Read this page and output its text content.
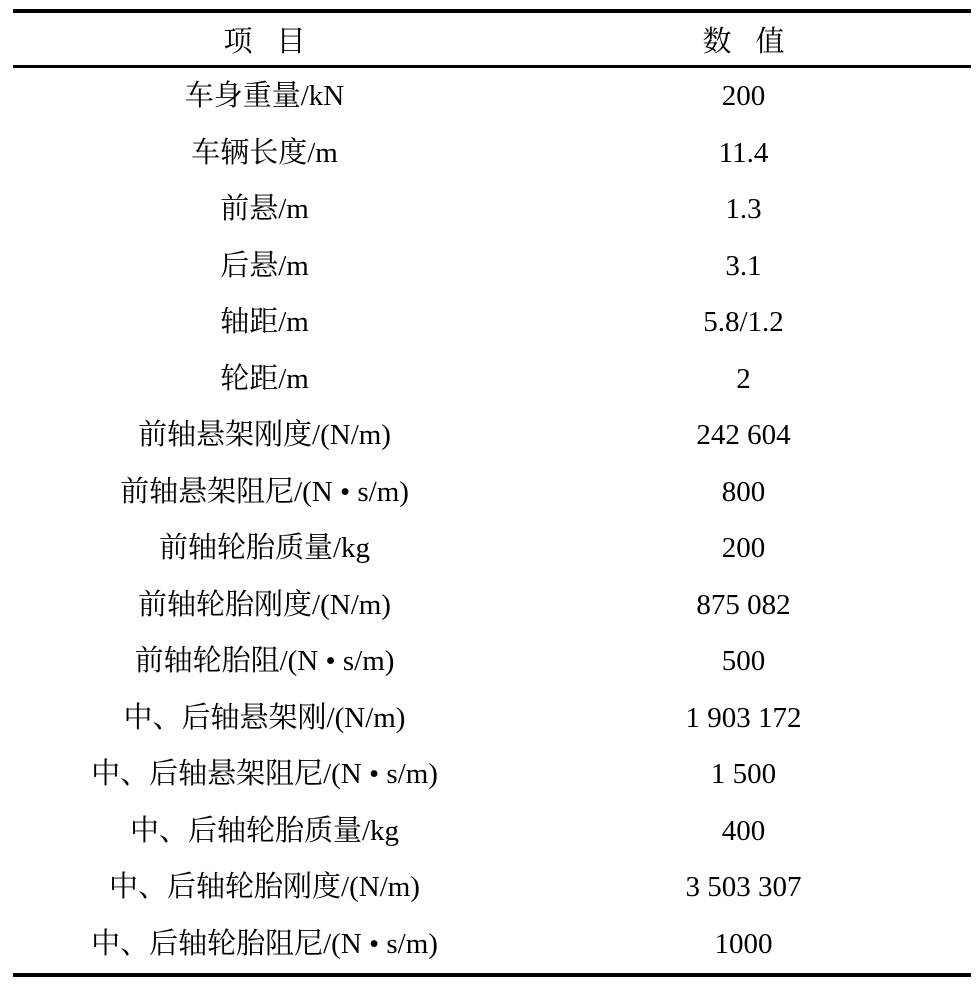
项目	数值
车身重量/kN	200
车辆长度/m	11.4
前悬/m	1.3
后悬/m	3.1
轴距/m	5.8/1.2
轮距/m	2
前轴悬架刚度/(N/m)	242 604
前轴悬架阻尼/(N • s/m)	800
前轴轮胎质量/kg	200
前轴轮胎刚度/(N/m)	875 082
前轴轮胎阻/(N • s/m)	500
中、后轴悬架刚/(N/m)	1 903 172
中、后轴悬架阻尼/(N • s/m)	1 500
中、后轴轮胎质量/kg	400
中、后轴轮胎刚度/(N/m)	3 503 307
中、后轴轮胎阻尼/(N • s/m)	1000
